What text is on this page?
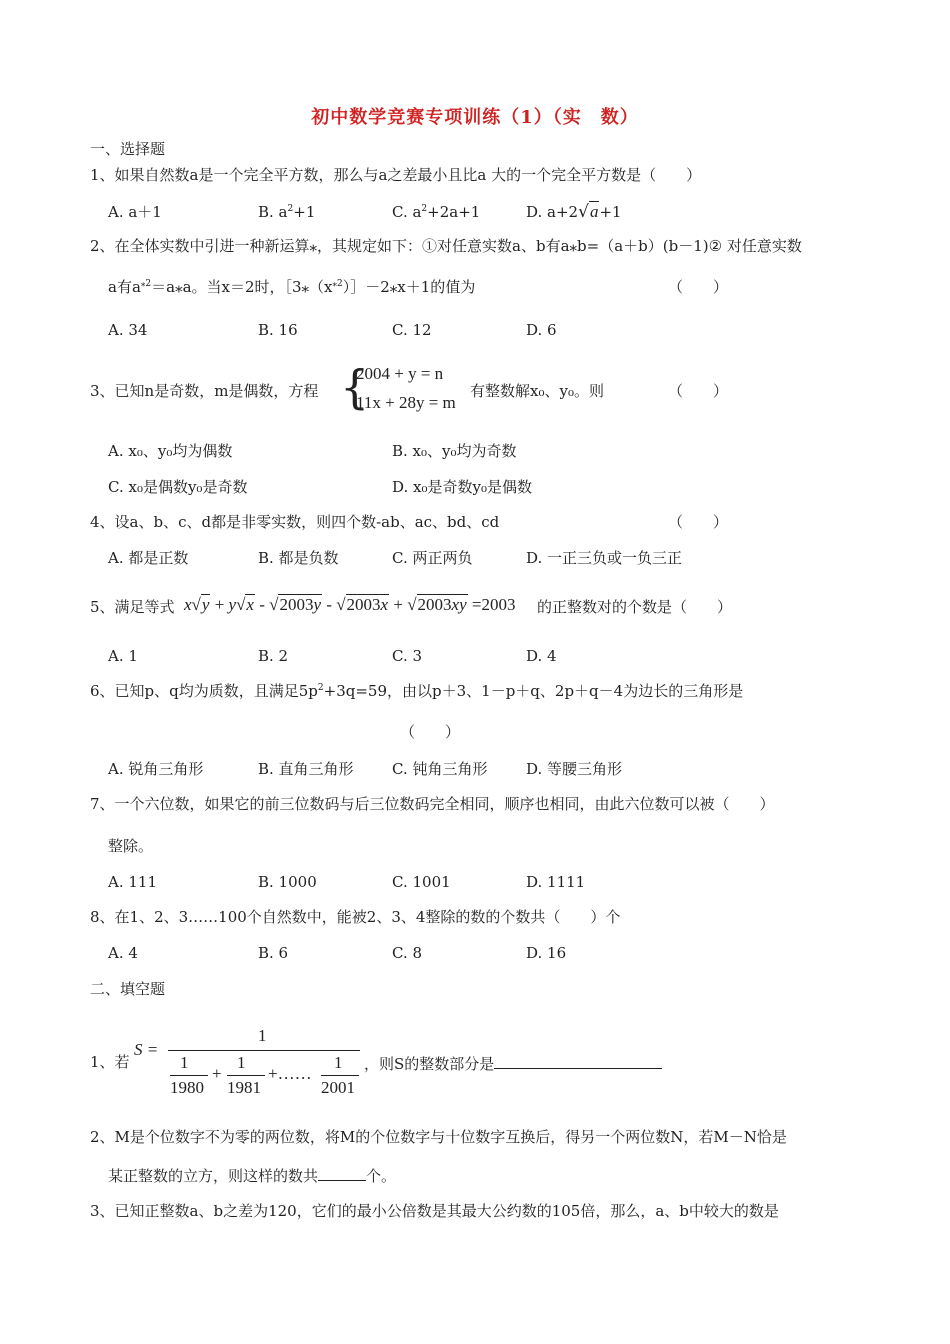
初中数学竞赛专项训练（1）（实　数）
一、选择题
1、如果自然数a是一个完全平方数，那么与a之差最小且比a 大的一个完全平方数是（　　）
A. a＋1	B. $a^2+1$	C. $a^2+2a+1$	D. a+2√a+1
2、在全体实数中引进一种新运算⁎，其规定如下：①对任意实数a、b有a⁎b=（a＋b）(b－1)② 对任意实数
a有$a^{⁎2}=a⁎a$。当x＝2时，$[3⁎(x^{⁎2})]-2⁎x+1$的值为	（　　）
A. 34	B. 16	C. 12	D. 6
3、已知n是奇数，m是偶数，方程 {
2004 + y = n
11x + 28y = m
有整数解x₀、y₀。则	（　　）
A. x₀、y₀均为偶数	B. x₀、y₀均为奇数
C. x₀是偶数y₀是奇数	D. x₀是奇数y₀是偶数
4、设a、b、c、d都是非零实数，则四个数-ab、ac、bd、cd	（　　）
A. 都是正数	B. 都是负数	C. 两正两负	D. 一正三负或一负三正
5、满足等式 x√y + y√x - √2003y - √2003x + √2003xy =2003 的正整数对的个数是（　　）
A. 1	B. 2	C. 3	D. 4
6、已知p、q均为质数，且满足$5p^2+3q=59$，由以p＋3、1－p＋q、2p＋q－4为边长的三角形是
（　　）
A. 锐角三角形	B. 直角三角形	C. 钝角三角形	D. 等腰三角形
7、一个六位数，如果它的前三位数码与后三位数码完全相同，顺序也相同，由此六位数可以被（　　）
整除。
A. 111	B. 1000	C. 1001	D. 1111
8、在1、2、3……100个自然数中，能被2、3、4整除的数的个数共（　　）个
A. 4	B. 6	C. 8	D. 16
二、填空题
1、若
S =
1
1
1980
+
1
1981
+……
1
2001
，则S的整数部分是
2、M是个位数字不为零的两位数，将M的个位数字与十位数字互换后，得另一个两位数N，若M－N恰是
某正整数的立方，则这样的数共	个。
3、已知正整数a、b之差为120，它们的最小公倍数是其最大公约数的105倍，那么，a、b中较大的数是
